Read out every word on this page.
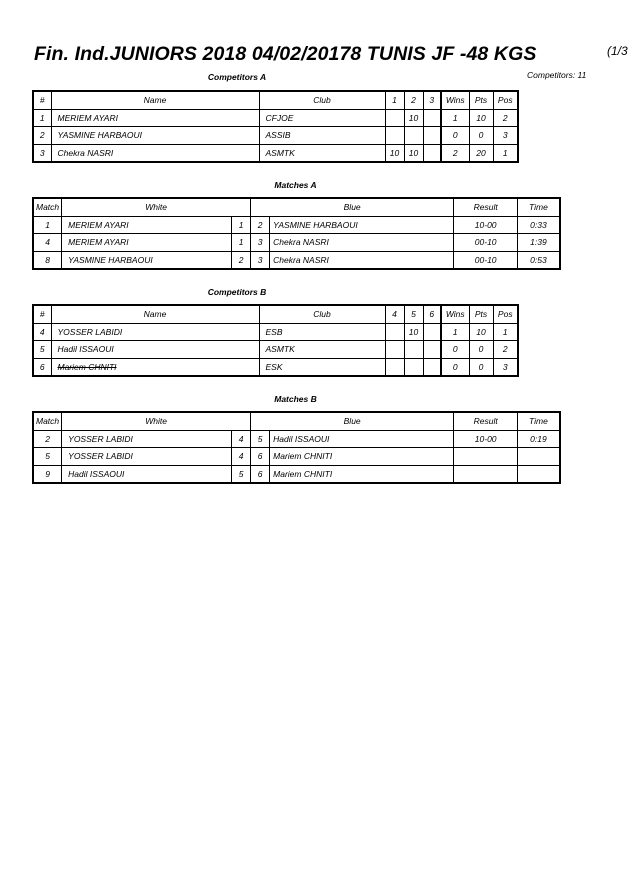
Fin. Ind.JUNIORS 2018 04/02/20178 TUNIS JF -48 KGS	(1/3
Competitors: 11
Competitors A
#	Name	Club	1	2	3	Wins	Pts	Pos
1	MERIEM AYARI	CFJOE		10		1	10	2
2	YASMINE HARBAOUI	ASSIB				0	0	3
3	Chekra NASRI	ASMTK	10	10		2	20	1
Matches A
Match	White		Blue		Result	Time
1	MERIEM AYARI	1	2	YASMINE HARBAOUI	10-00	0:33
4	MERIEM AYARI	1	3	Chekra NASRI	00-10	1:39
8	YASMINE HARBAOUI	2	3	Chekra NASRI	00-10	0:53
Competitors B
#	Name	Club	4	5	6	Wins	Pts	Pos
4	YOSSER LABIDI	ESB		10		1	10	1
5	Hadil ISSAOUI	ASMTK				0	0	2
6	Mariem CHNITI	ESK				0	0	3
Matches B
Match	White		Blue		Result	Time
2	YOSSER LABIDI	4	5	Hadil ISSAOUI	10-00	0:19
5	YOSSER LABIDI	4	6	Mariem CHNITI		
9	Hadil ISSAOUI	5	6	Mariem CHNITI		
